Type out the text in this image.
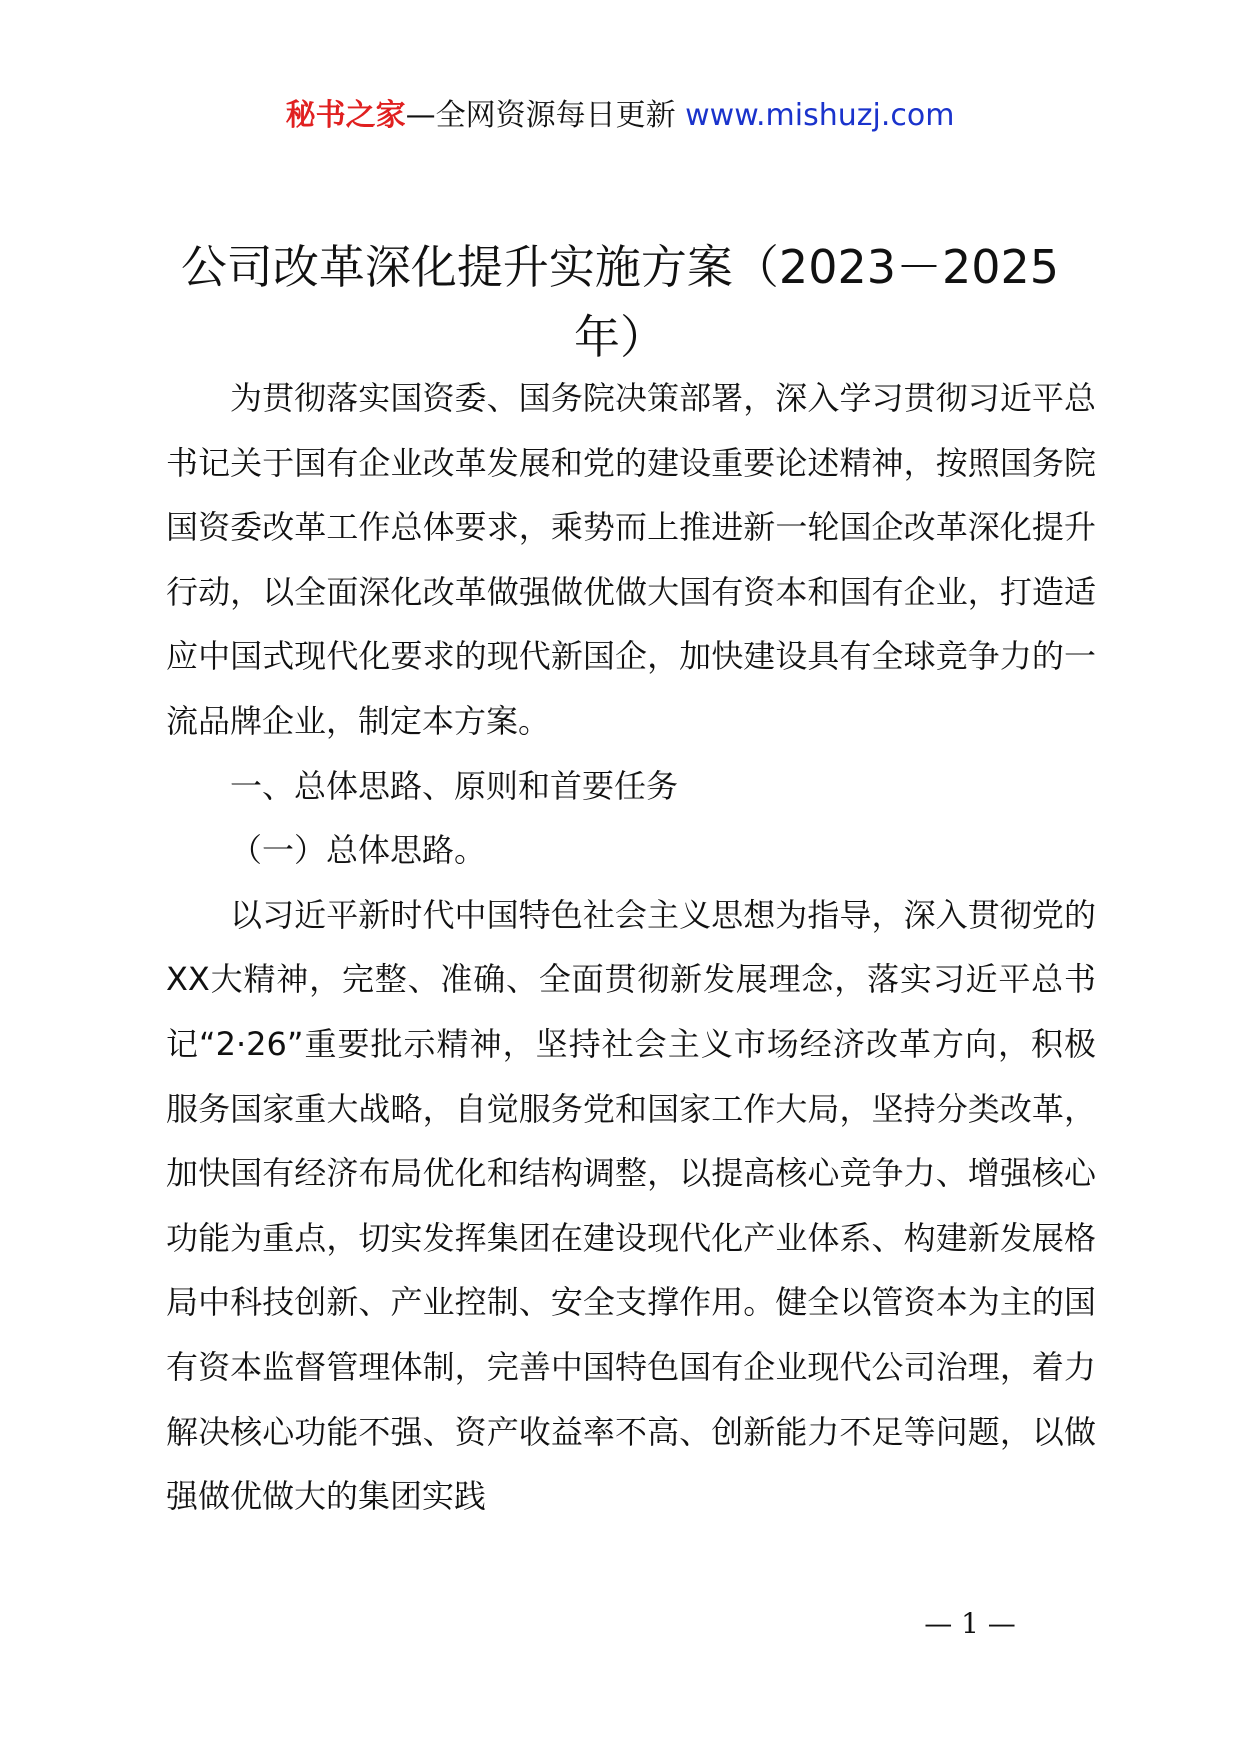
秘书之家—全网资源每日更新 www.mishuzj.com
公司改革深化提升实施方案（2023－2025
年）

为贯彻落实国资委、国务院决策部署，深入学习贯彻习近平总书记关于国有企业改革发展和党的建设重要论述精神，按照国务院国资委改革工作总体要求，乘势而上推进新一轮国企改革深化提升行动，以全面深化改革做强做优做大国有资本和国有企业，打造适应中国式现代化要求的现代新国企，加快建设具有全球竞争力的一流品牌企业，制定本方案。

一、总体思路、原则和首要任务

（一）总体思路。

以习近平新时代中国特色社会主义思想为指导，深入贯彻党的XX大精神，完整、准确、全面贯彻新发展理念，落实习近平总书记“2·26”重要批示精神，坚持社会主义市场经济改革方向，积极服务国家重大战略，自觉服务党和国家工作大局，坚持分类改革，加快国有经济布局优化和结构调整，以提高核心竞争力、增强核心功能为重点，切实发挥集团在建设现代化产业体系、构建新发展格局中科技创新、产业控制、安全支撑作用。健全以管资本为主的国有资本监督管理体制，完善中国特色国有企业现代公司治理，着力解决核心功能不强、资产收益率不高、创新能力不足等问题，以做强做优做大的集团实践

— 1 —
